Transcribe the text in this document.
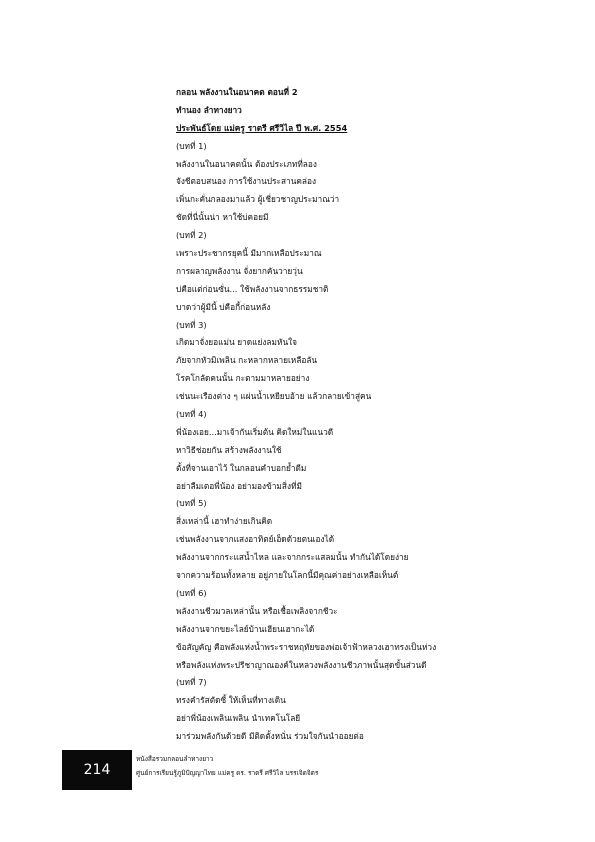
กลอน พลังงานในอนาคต ตอนที่ 2
ทำนอง ลำทางยาว
ประพันธ์โดย แม่ครู ราตรี ศรีวิไล ปี พ.ศ. 2554
(บทที่ 1)
พลังงานในอนาคตนั้น ต้องประเภทที่ลอง
จังชีตอบสนอง การใช้งานประสานคล่อง
เพิ่นกะคั่นกลองมาแล้ว ผู้เชี่ยวชาญประมาณว่า
ชัดที่นี่นั้นน่า หาใช้บ่คอยมี
(บทที่ 2)
เพราะประชากรยุคนี้ มีมากเหลือประมาณ
การผลาญพลังงาน จั่งยากคันวายวุ่น
บ่คือแต่ก่อนซั่น... ใช้พลังงานจากธรรมชาติ
บาดว่าผู้มีนี้ บ่คือกี้ก่อนหลัง
(บทที่ 3)
เกิดมาจั่งยอแม่น ยาดแย่งลมหันใจ
ภัยจากหัวมิเพลิน กะหลากหลายเหลือลัน
โรคโกลัดคนนั้น กะตามมาหลายอย่าง
เช่นนะเรืองต่าง ๆ แผ่นน้ำเหยียบอ้าย แล้วกลายเข้าสู่คน
(บทที่ 4)
พี่น้องเอย...มาเจ้ากันเริ่มต้น คิดใหม่ในแนวดี
หาวิธีช่อยกัน สร้างพลังงานใช้
ตั้งที่จานเอาไว้ ในกลอนคำบอกย้ำดีม
อย่าลืมเตอพี่น้อง อย่ามองข้ามสิ่งที่มี
(บทที่ 5)
สิ่งเหล่านี้ เฮาทำง่ายเกินคิด
เช่นพลังงานจากแสงอาทิตย์เอ็ดด้วยตนเองได้
พลังงานจากกระแสน้ำไหล และจากกระแสลมนั้น ทำกันได้โดยง่าย
จากความร้อนทั้งหลาย อยู่ภายในโลกนี้มีคุณค่าอย่างเหลือเห็นต์
(บทที่ 6)
พลังงานชีวมวลเหล่านั้น หรือเชื้อเพลิงจากชีวะ
พลังงานจากขยะไลย์บ้านเฮียนเฮากะได้
ข้อสัญคัญ คือพลังแห่งน้ำพระราชหฤทัยของพ่อเจ้าฟ้าหลวงเฮาทรงเป็นห่วง
หรือพลังแห่งพระปรีชาญาณองค์ในหลวงพลังงานชีวภาพนั้นสุดขั้นส่วนดี
(บทที่ 7)
ทรงคำรัสตัดซี้ ให้เห็นที่ทางเดิน
อย่าพี่น้องเพลินเพลิน นำเทคโนโลยี
มาร่วมพลังกันด้วยดี มีติดตั้งหนั่น ร่วมใจกันนำออยต่อ
214
หนังสือรวมกลอนลำทางยาว
ศูนย์การเรียนรู้ภูมิปัญญาไทย แม่ครู ดร. ราตรี ศรีวิไล บรรเจิดจิตร
